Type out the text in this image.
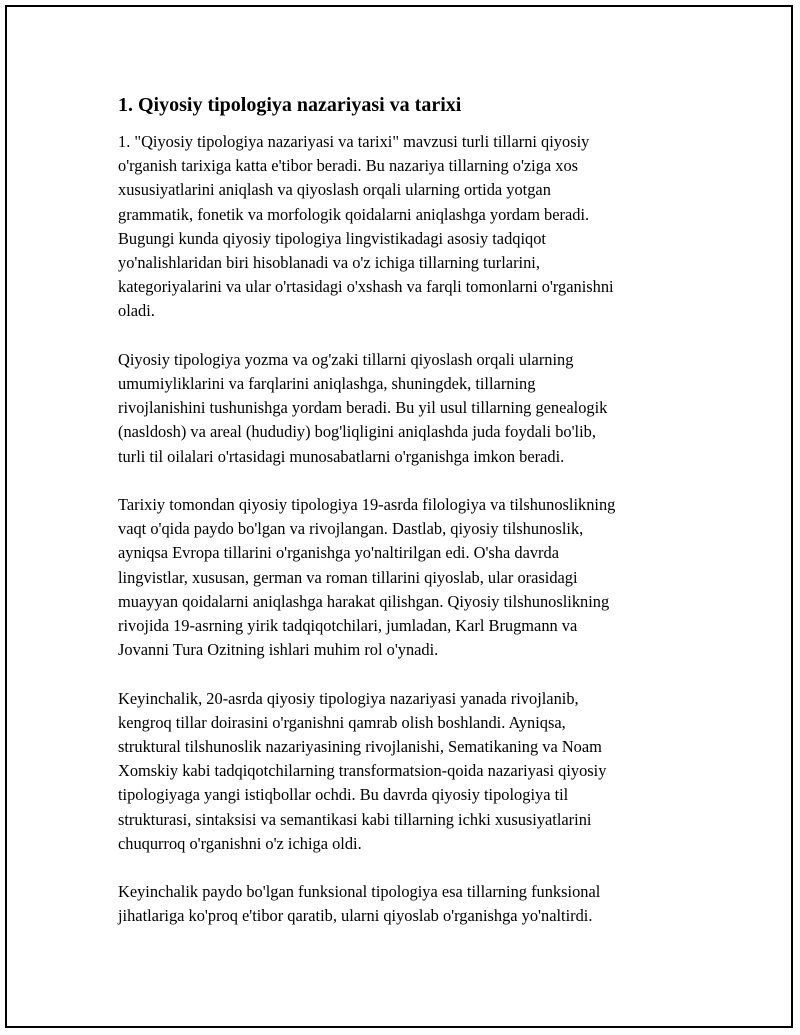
1. Qiyosiy tipologiya nazariyasi va tarixi
1. "Qiyosiy tipologiya nazariyasi va tarixi" mavzusi turli tillarni qiyosiy
o'rganish tarixiga katta e'tibor beradi. Bu nazariya tillarning o'ziga xos
xususiyatlarini aniqlash va qiyoslash orqali ularning ortida yotgan
grammatik, fonetik va morfologik qoidalarni aniqlashga yordam beradi.
Bugungi kunda qiyosiy tipologiya lingvistikadagi asosiy tadqiqot
yo'nalishlaridan biri hisoblanadi va o'z ichiga tillarning turlarini,
kategoriyalarini va ular o'rtasidagi o'xshash va farqli tomonlarni o'rganishni
oladi.
Qiyosiy tipologiya yozma va og'zaki tillarni qiyoslash orqali ularning
umumiyliklarini va farqlarini aniqlashga, shuningdek, tillarning
rivojlanishini tushunishga yordam beradi. Bu yil usul tillarning genealogik
(nasldosh) va areal (hududiy) bog'liqligini aniqlashda juda foydali bo'lib,
turli til oilalari o'rtasidagi munosabatlarni o'rganishga imkon beradi.
Tarixiy tomondan qiyosiy tipologiya 19-asrda filologiya va tilshunoslikning
vaqt o'qida paydo bo'lgan va rivojlangan. Dastlab, qiyosiy tilshunoslik,
ayniqsa Evropa tillarini o'rganishga yo'naltirilgan edi. O'sha davrda
lingvistlar, xususan, german va roman tillarini qiyoslab, ular orasidagi
muayyan qoidalarni aniqlashga harakat qilishgan. Qiyosiy tilshunoslikning
rivojida 19-asrning yirik tadqiqotchilari, jumladan, Karl Brugmann va
Jovanni Tura Ozitning ishlari muhim rol o'ynadi.
Keyinchalik, 20-asrda qiyosiy tipologiya nazariyasi yanada rivojlanib,
kengroq tillar doirasini o'rganishni qamrab olish boshlandi. Ayniqsa,
struktural tilshunoslik nazariyasining rivojlanishi, Sematikaning va Noam
Xomskiy kabi tadqiqotchilarning transformatsion-qoida nazariyasi qiyosiy
tipologiyaga yangi istiqbollar ochdi. Bu davrda qiyosiy tipologiya til
strukturasi, sintaksisi va semantikasi kabi tillarning ichki xususiyatlarini
chuqurroq o'rganishni o'z ichiga oldi.
Keyinchalik paydo bo'lgan funksional tipologiya esa tillarning funksional
jihatlariga ko'proq e'tibor qaratib, ularni qiyoslab o'rganishga yo'naltirdi.
